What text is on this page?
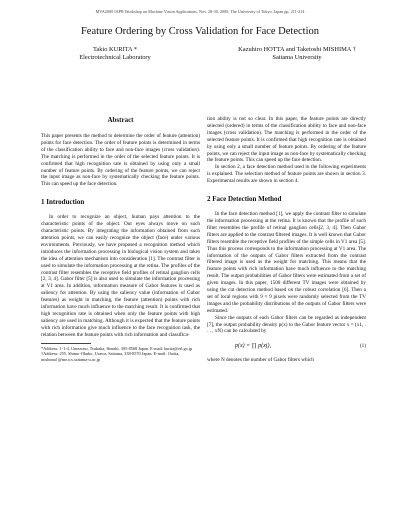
MVA2000 IAPR Workshop on Machine Vision Applications, Nov. 28-30, 2000, The University of Tokyo, Japan pp. 211-214
Feature Ordering by Cross Validation for Face Detection
Takio KURITA *
Electrotechnical Laboratory
Kazuhiro HOTTA and Taketoshi MISHIMA †
Saitama University
Abstract

This paper presents the method to determine the order of feature (attention) points for face detection. The order of feature points is determined in terms of the classification ability to face and non-face images (cross validation). The matching is performed in the order of the selected feature points. It is confirmed that high recognition rate is obtained by using only a small number of feature points. By ordering of the feature points, we can reject the input image as non-face by systematically checking the feature points. This can speed up the face detection.

1 Introduction

In order to recognize an object, human pays attention to the characteristic points of the object. Our eyes always move on such characteristic points. By integrating the information obtained from such attention points, we can easily recognize the object (face) under various environments. Previously, we have proposed a recognition method which introduces the information processing in biological vision system and takes the idea of attention mechanism into consideration [1]. The contrast filter is used to simulate the information processing at the retina. The profiles of the contrast filter resembles the receptive field profiles of retinal ganglion cells [2, 3, 4]. Gabor filter [5] is also used to simulate the information processing at V1 area. In addition, information measure of Gabor features is used as saliency for attention. By using the saliency value (information of Gabor features) as weight in matching, the feature (attention) points with rich information have much influence to the matching result. It is confirmed that high recognition rate is obtained when only the feature points with high saliency are used in matching. Although it is expected that the feature points with rich information give much influence to the face recognition task, the relation between the feature points with rich information and classifica-

*Address: 1-1-4, Umezono, Tsukuba, Ibaraki, 305-8568 Japan. E-mail: kurita@etl.go.jp
†Address: 255, Shimo-Okubo, Urawa, Saitama, 338-8570 Japan. E-mail: {hotta, mishima}@me.ics.saitama-u.ac.jp

tion ability is not so clear. In this paper, the feature points are directly selected (ordered) in terms of the classification ability to face and non-face images (cross validation). The matching is performed in the order of the selected feature points. It is confirmed that high recognition rate is obtained by using only a small number of feature points. By ordering of the feature points, we can reject the input image as non-face by systematically checking the feature points. This can speed up the face detection.

In section 2, a face detection method used in the following experiments is explained. The selection method of feature points are shown in section 3. Experimental results are shown in section 4.

2 Face Detection Method

In the face detection method [1], we apply the contrast filter to simulate the information processing at the retina. It is known that the profile of such filter resembles the profile of retinal ganglion cells[2, 3, 4]. Then Gabor filters are applied to the contrast filtered images. It is well known that Gabor filters resemble the receptive field profiles of the simple cells in V1 area [5]. Thus this process corresponds to the information processing at V1 area. The information of the outputs of Gabor filters extracted from the contrast filtered image is used as the weight for matching. This means that the feature points with rich information have much influence to the matching result. The output probabilities of Gabor filters were estimated from a set of given images. In this paper, 1500 different TV images were obtained by using the cut detection method based on the robust correlation [6]. Then a set of local regions with 9 × 9 pixels were randomly selected from the TV images and the probability distributions of the outputs of Gabor filters were estimated.

Since the outputs of each Gabor filters can be regarded as independent [7], the output probability density p(x) to the Gabor feature vector x = (x1, . . . , xN) can be calculated by

p(x) = ∏ p(xj),	(1)

where N denotes the number of Gabor filters which
